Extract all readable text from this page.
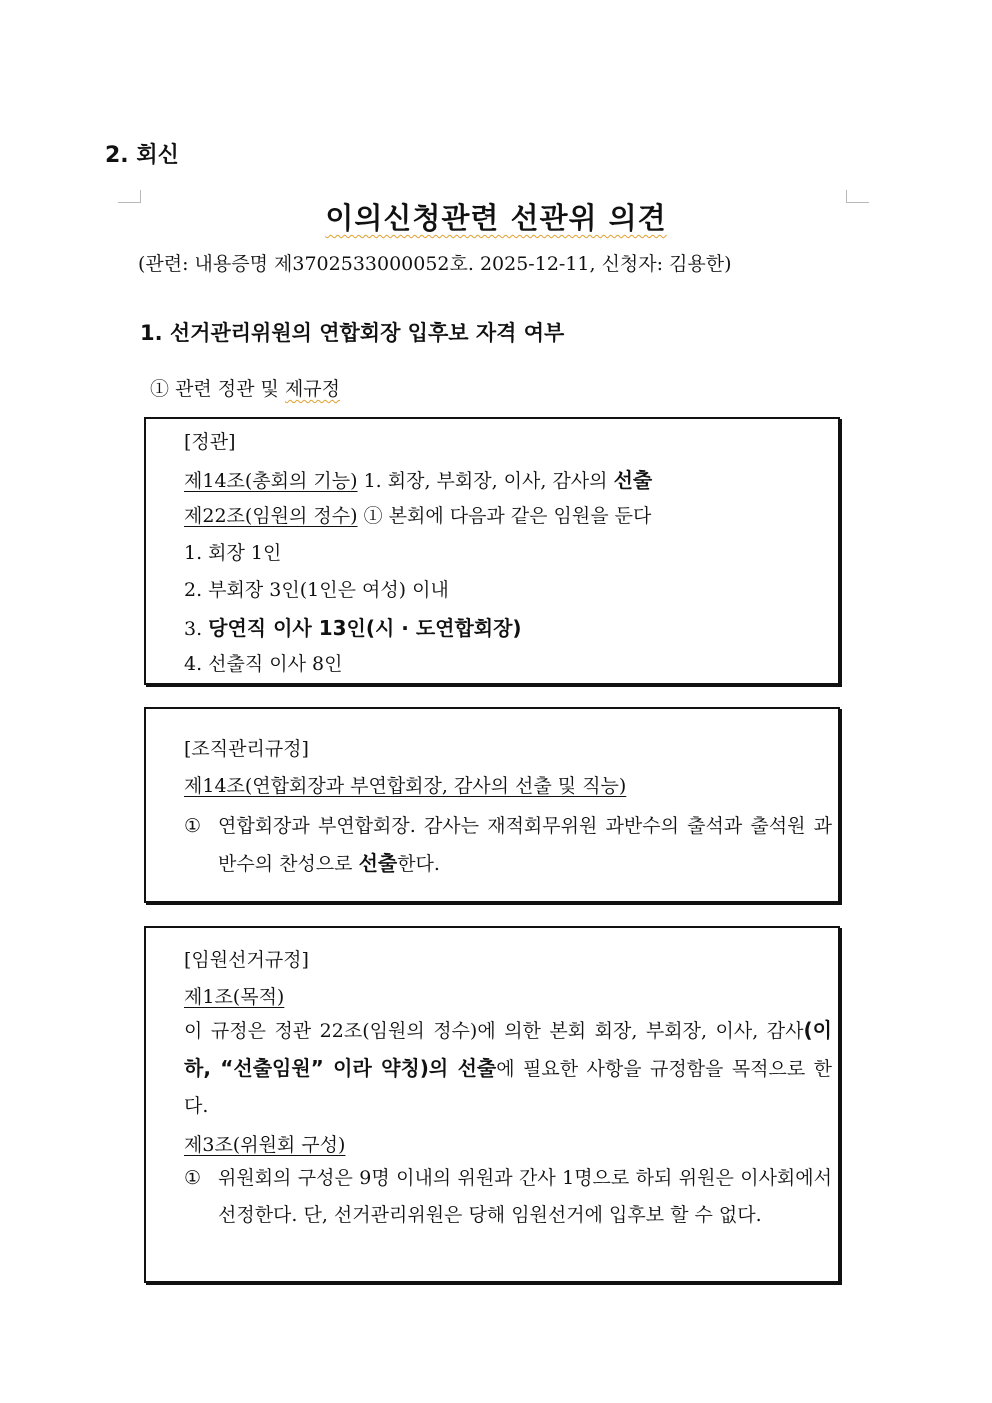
2. 회신
이의신청관련 선관위 의견
(관련: 내용증명 제3702533000052호. 2025-12-11, 신청자: 김용한)
1. 선거관리위원의 연합회장 입후보 자격 여부
① 관련 정관 및 제규정
[정관]
제14조(총회의 기능) 1. 회장, 부회장, 이사, 감사의 선출
제22조(임원의 정수) ① 본회에 다음과 같은 임원을 둔다
1. 회장 1인
2. 부회장 3인(1인은 여성) 이내
3. 당연직 이사 13인(시 · 도연합회장)
4. 선출직 이사 8인
[조직관리규정]
제14조(연합회장과 부연합회장, 감사의 선출 및 직능)
① 연합회장과 부연합회장. 감사는 재적회무위원 과반수의 출석과 출석원 과반수의 찬성으로 선출한다.
[임원선거규정]
제1조(목적)
이 규정은 정관 22조(임원의 정수)에 의한 본회 회장, 부회장, 이사, 감사(이하, “선출임원” 이라 약칭)의 선출에 필요한 사항을 규정함을 목적으로 한다.
제3조(위원회 구성)
① 위원회의 구성은 9명 이내의 위원과 간사 1명으로 하되 위원은 이사회에서 선정한다. 단, 선거관리위원은 당해 임원선거에 입후보 할 수 없다.
